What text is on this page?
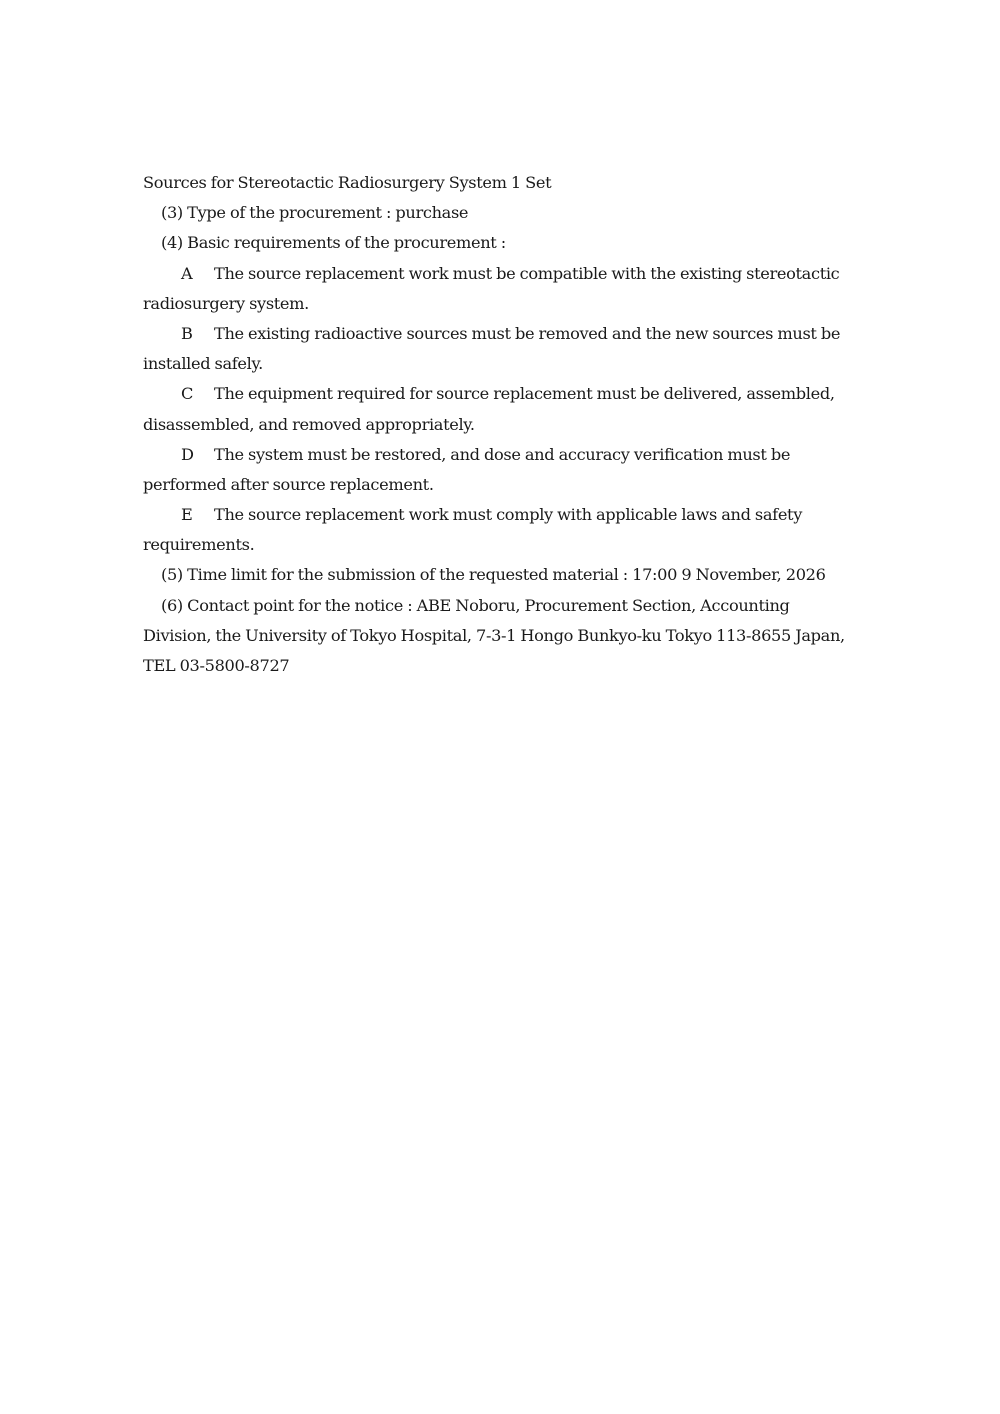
Sources for Stereotactic Radiosurgery System 1 Set
(3) Type of the procurement : purchase
(4) Basic requirements of the procurement :
A The source replacement work must be compatible with the existing stereotactic
radiosurgery system.
B The existing radioactive sources must be removed and the new sources must be
installed safely.
C The equipment required for source replacement must be delivered, assembled,
disassembled, and removed appropriately.
D The system must be restored, and dose and accuracy verification must be
performed after source replacement.
E The source replacement work must comply with applicable laws and safety
requirements.
(5) Time limit for the submission of the requested material : 17:00 9 November, 2026
(6) Contact point for the notice : ABE Noboru, Procurement Section, Accounting
Division, the University of Tokyo Hospital, 7-3-1 Hongo Bunkyo-ku Tokyo 113-8655 Japan,
TEL 03-5800-8727
